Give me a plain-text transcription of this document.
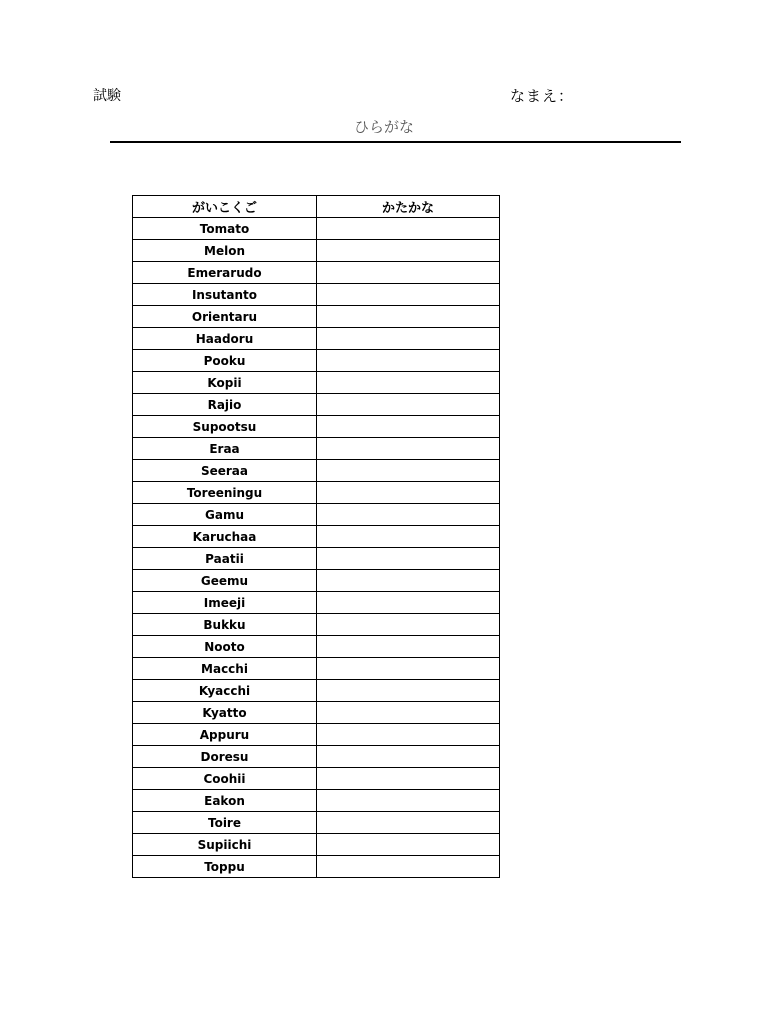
試験	なまえ：
ひらがな
がいこくご	かたかな
Tomato	
Melon	
Emerarudo	
Insutanto	
Orientaru	
Haadoru	
Pooku	
Kopii	
Rajio	
Supootsu	
Eraa	
Seeraa	
Toreeningu	
Gamu	
Karuchaa	
Paatii	
Geemu	
Imeeji	
Bukku	
Nooto	
Macchi	
Kyacchi	
Kyatto	
Appuru	
Doresu	
Coohii	
Eakon	
Toire	
Supiichi	
Toppu	
